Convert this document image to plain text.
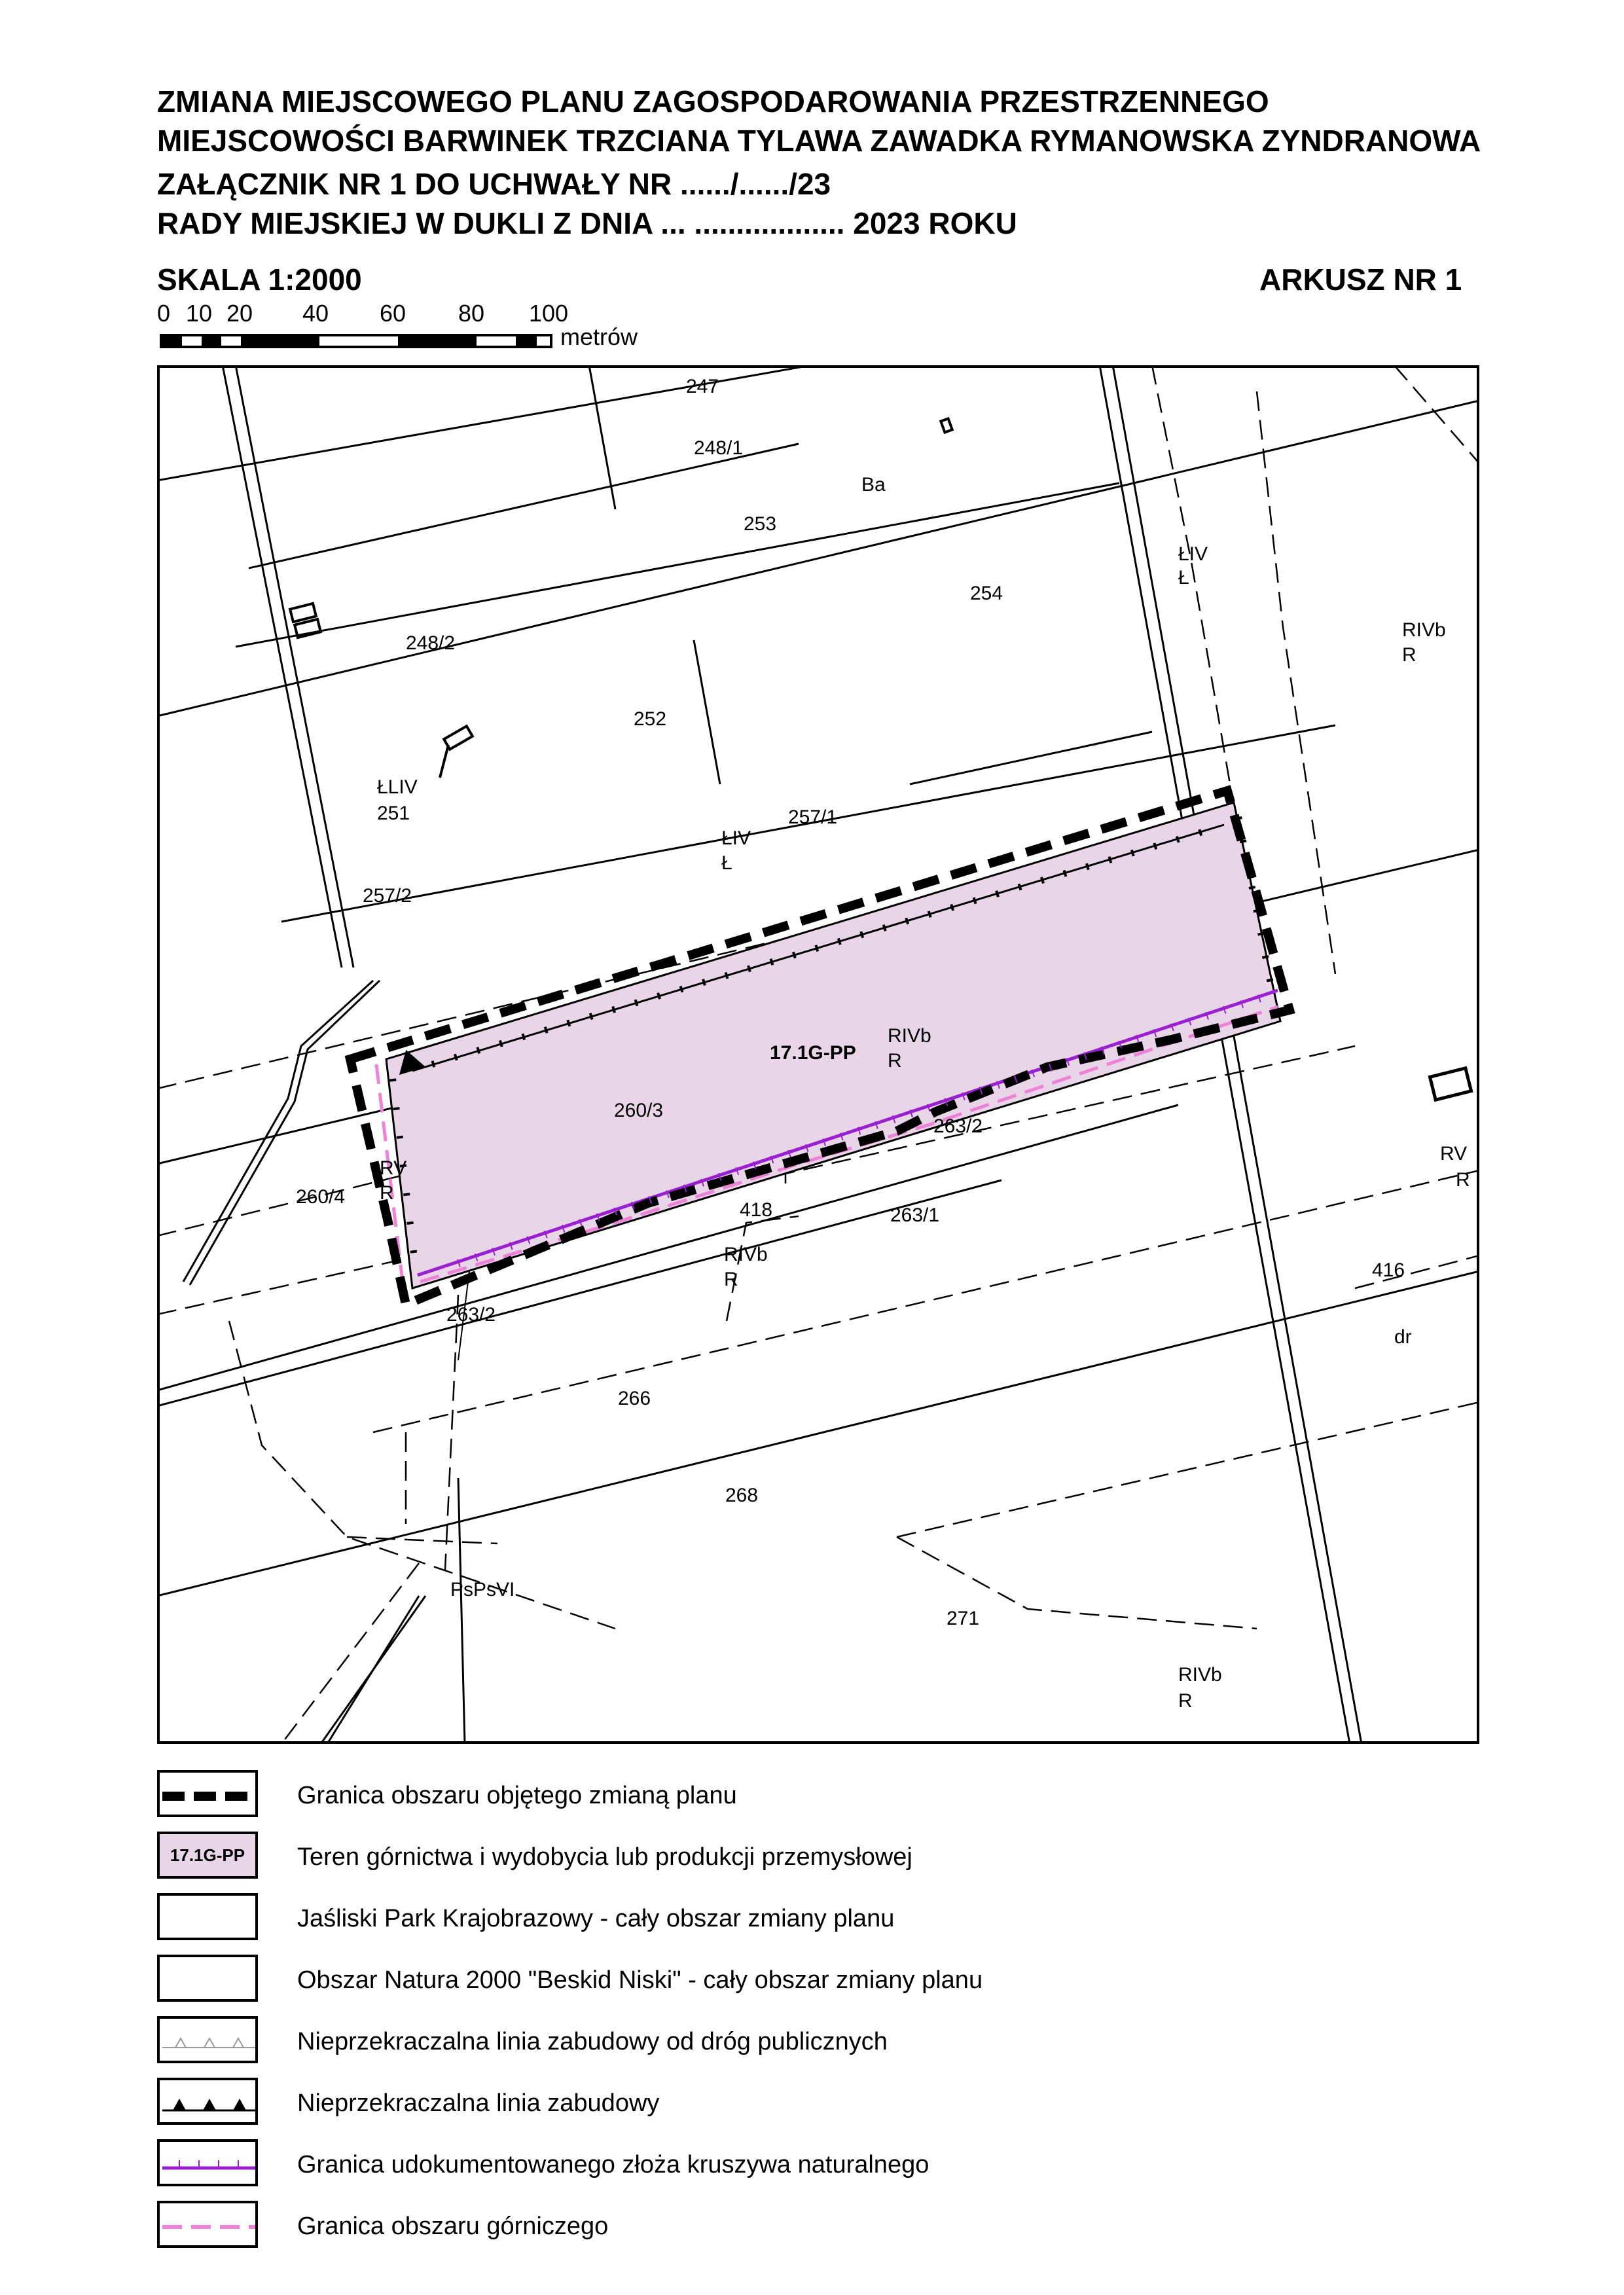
ZMIANA MIEJSCOWEGO PLANU ZAGOSPODAROWANIA PRZESTRZENNEGO
MIEJSCOWOŚCI BARWINEK TRZCIANA TYLAWA ZAWADKA RYMANOWSKA ZYNDRANOWA
ZAŁĄCZNIK NR 1 DO UCHWAŁY NR ....../....../23
RADY MIEJSKIEJ W DUKLI Z DNIA ... .................. 2023 ROKU
SKALA 1:2000	ARKUSZ NR 1
0 10 20 40 60 80 100
metrów
247
248/1
Ba
253
254
ŁIV
Ł
RIVb
R
248/2
252
ŁLIV
251
ŁIV
Ł
257/1
257/2
RIVb
R
260/3
263/2
RV
R
260/4
418	263/1
RV
R
RIVb
R	416
263/2
dr
266
268
PsPsVI
271
RIVb
R
17.1G-PP
Granica obszaru objętego zmianą planu
17.1G-PP	Teren górnictwa i wydobycia lub produkcji przemysłowej
Jaśliski Park Krajobrazowy - cały obszar zmiany planu
Obszar Natura 2000 "Beskid Niski" - cały obszar zmiany planu
Nieprzekraczalna linia zabudowy od dróg publicznych
Nieprzekraczalna linia zabudowy
Granica udokumentowanego złoża kruszywa naturalnego
Granica obszaru górniczego
